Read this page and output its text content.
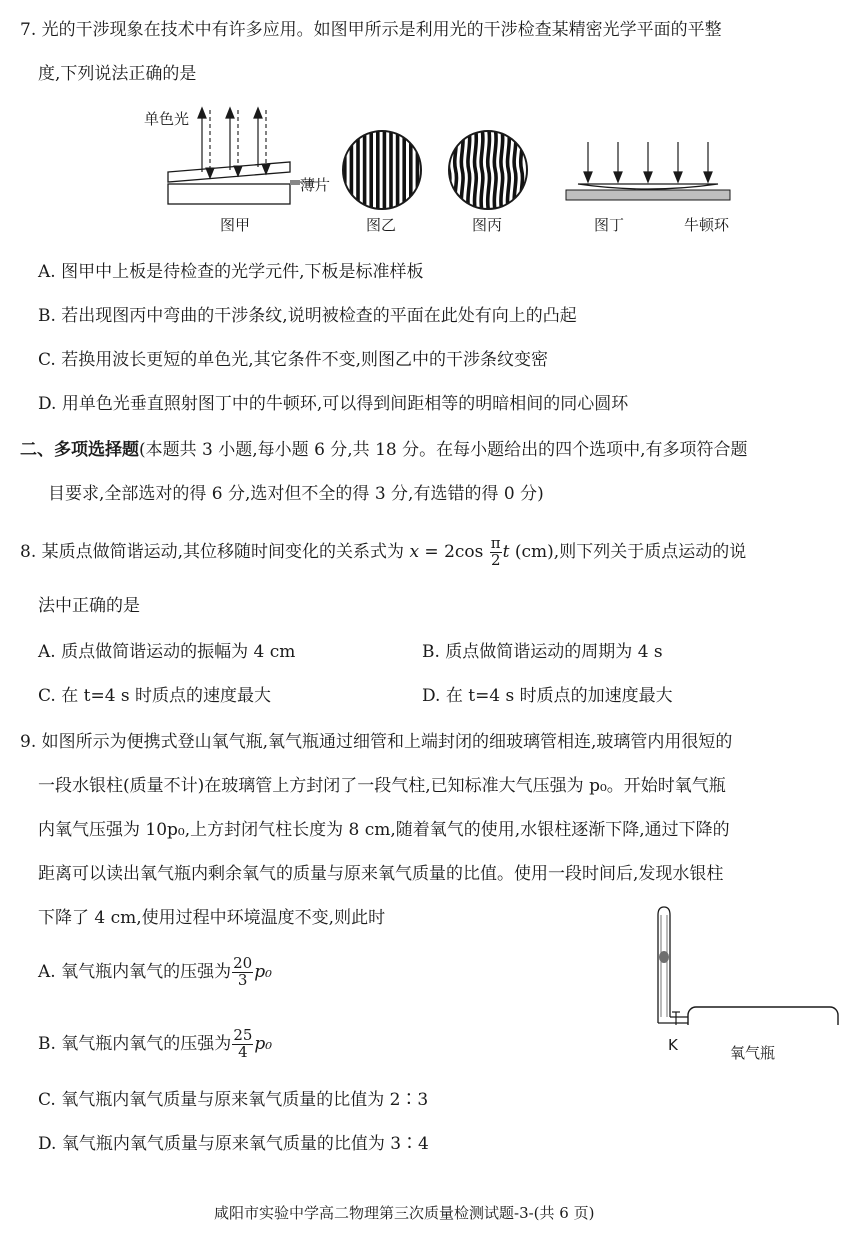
7. 光的干涉现象在技术中有许多应用。如图甲所示是利用光的干涉检查某精密光学平面的平整
度,下列说法正确的是
单色光
薄片
图甲	图乙	图丙	图丁	牛顿环
A. 图甲中上板是待检查的光学元件,下板是标准样板
B. 若出现图丙中弯曲的干涉条纹,说明被检查的平面在此处有向上的凸起
C. 若换用波长更短的单色光,其它条件不变,则图乙中的干涉条纹变密
D. 用单色光垂直照射图丁中的牛顿环,可以得到间距相等的明暗相间的同心圆环
二、多项选择题(本题共 3 小题,每小题 6 分,共 18 分。在每小题给出的四个选项中,有多项符合题
目要求,全部选对的得 6 分,选对但不全的得 3 分,有选错的得 0 分)
8. 某质点做简谐运动,其位移随时间变化的关系式为 $x = 2\cos \frac{\pi}{2}$ t (cm),则下列关于质点运动的说
法中正确的是
A. 质点做简谐运动的振幅为 4 cm	B. 质点做简谐运动的周期为 4 s
C. 在 t=4 s 时质点的速度最大	D. 在 t=4 s 时质点的加速度最大
9. 如图所示为便携式登山氧气瓶,氧气瓶通过细管和上端封闭的细玻璃管相连,玻璃管内用很短的
一段水银柱(质量不计)在玻璃管上方封闭了一段气柱,已知标准大气压强为 p₀。开始时氧气瓶
内氧气压强为 10p₀,上方封闭气柱长度为 8 cm,随着氧气的使用,水银柱逐渐下降,通过下降的
距离可以读出氧气瓶内剩余氧气的质量与原来氧气质量的比值。使用一段时间后,发现水银柱
下降了 4 cm,使用过程中环境温度不变,则此时
A. 氧气瓶内氧气的压强为 $\frac{20}{3} p_0$
B. 氧气瓶内氧气的压强为 $\frac{25}{4} p_0$
C. 氧气瓶内氧气质量与原来氧气质量的比值为 2∶3
D. 氧气瓶内氧气质量与原来氧气质量的比值为 3∶4
K	氧气瓶
咸阳市实验中学高二物理第三次质量检测试题-3-(共 6 页)
